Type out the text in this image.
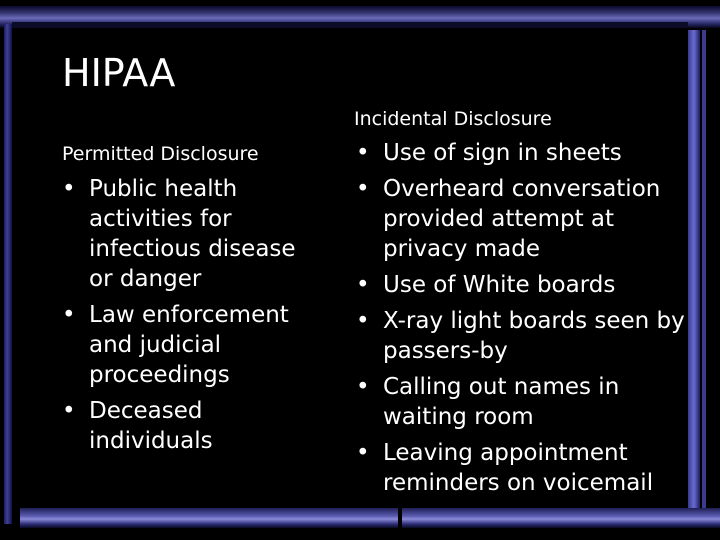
HIPAA
Permitted Disclosure
• Public health activities for infectious disease or danger
• Law enforcement and judicial proceedings
• Deceased individuals
Incidental Disclosure
• Use of sign in sheets
• Overheard conversation provided attempt at privacy made
• Use of White boards
• X-ray light boards seen by passers-by
• Calling out names in waiting room
• Leaving appointment reminders on voicemail
